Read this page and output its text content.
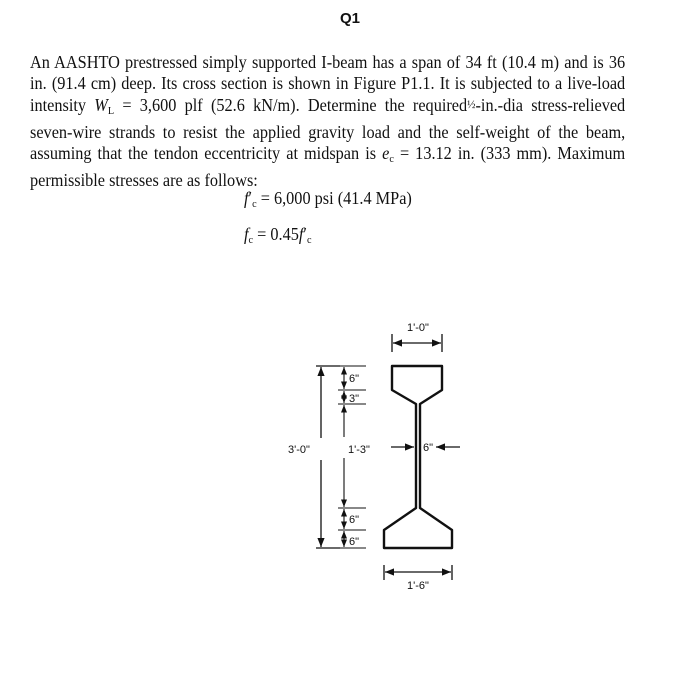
Q1

An AASHTO prestressed simply supported I-beam has a span of 34 ft (10.4 m) and is 36 in. (91.4 cm) deep. Its cross section is shown in Figure P1.1. It is subjected to a live-load intensity $W_L = 3,600$ plf (52.6 kN/m). Determine the required½-in.-dia stress-relieved seven-wire strands to resist the applied gravity load and the self-weight of the beam, assuming that the tendon eccentricity at midspan is $e_c = 13.12$ in. (333 mm). Maximum permissible stresses are as follows:

$f'_c = 6,000$ psi (41.4 MPa)
$f_c = 0.45f'_c$
1'-0"
3'-0"
6"
3"
1'-3"
6"
6"
6"
1'-6"
